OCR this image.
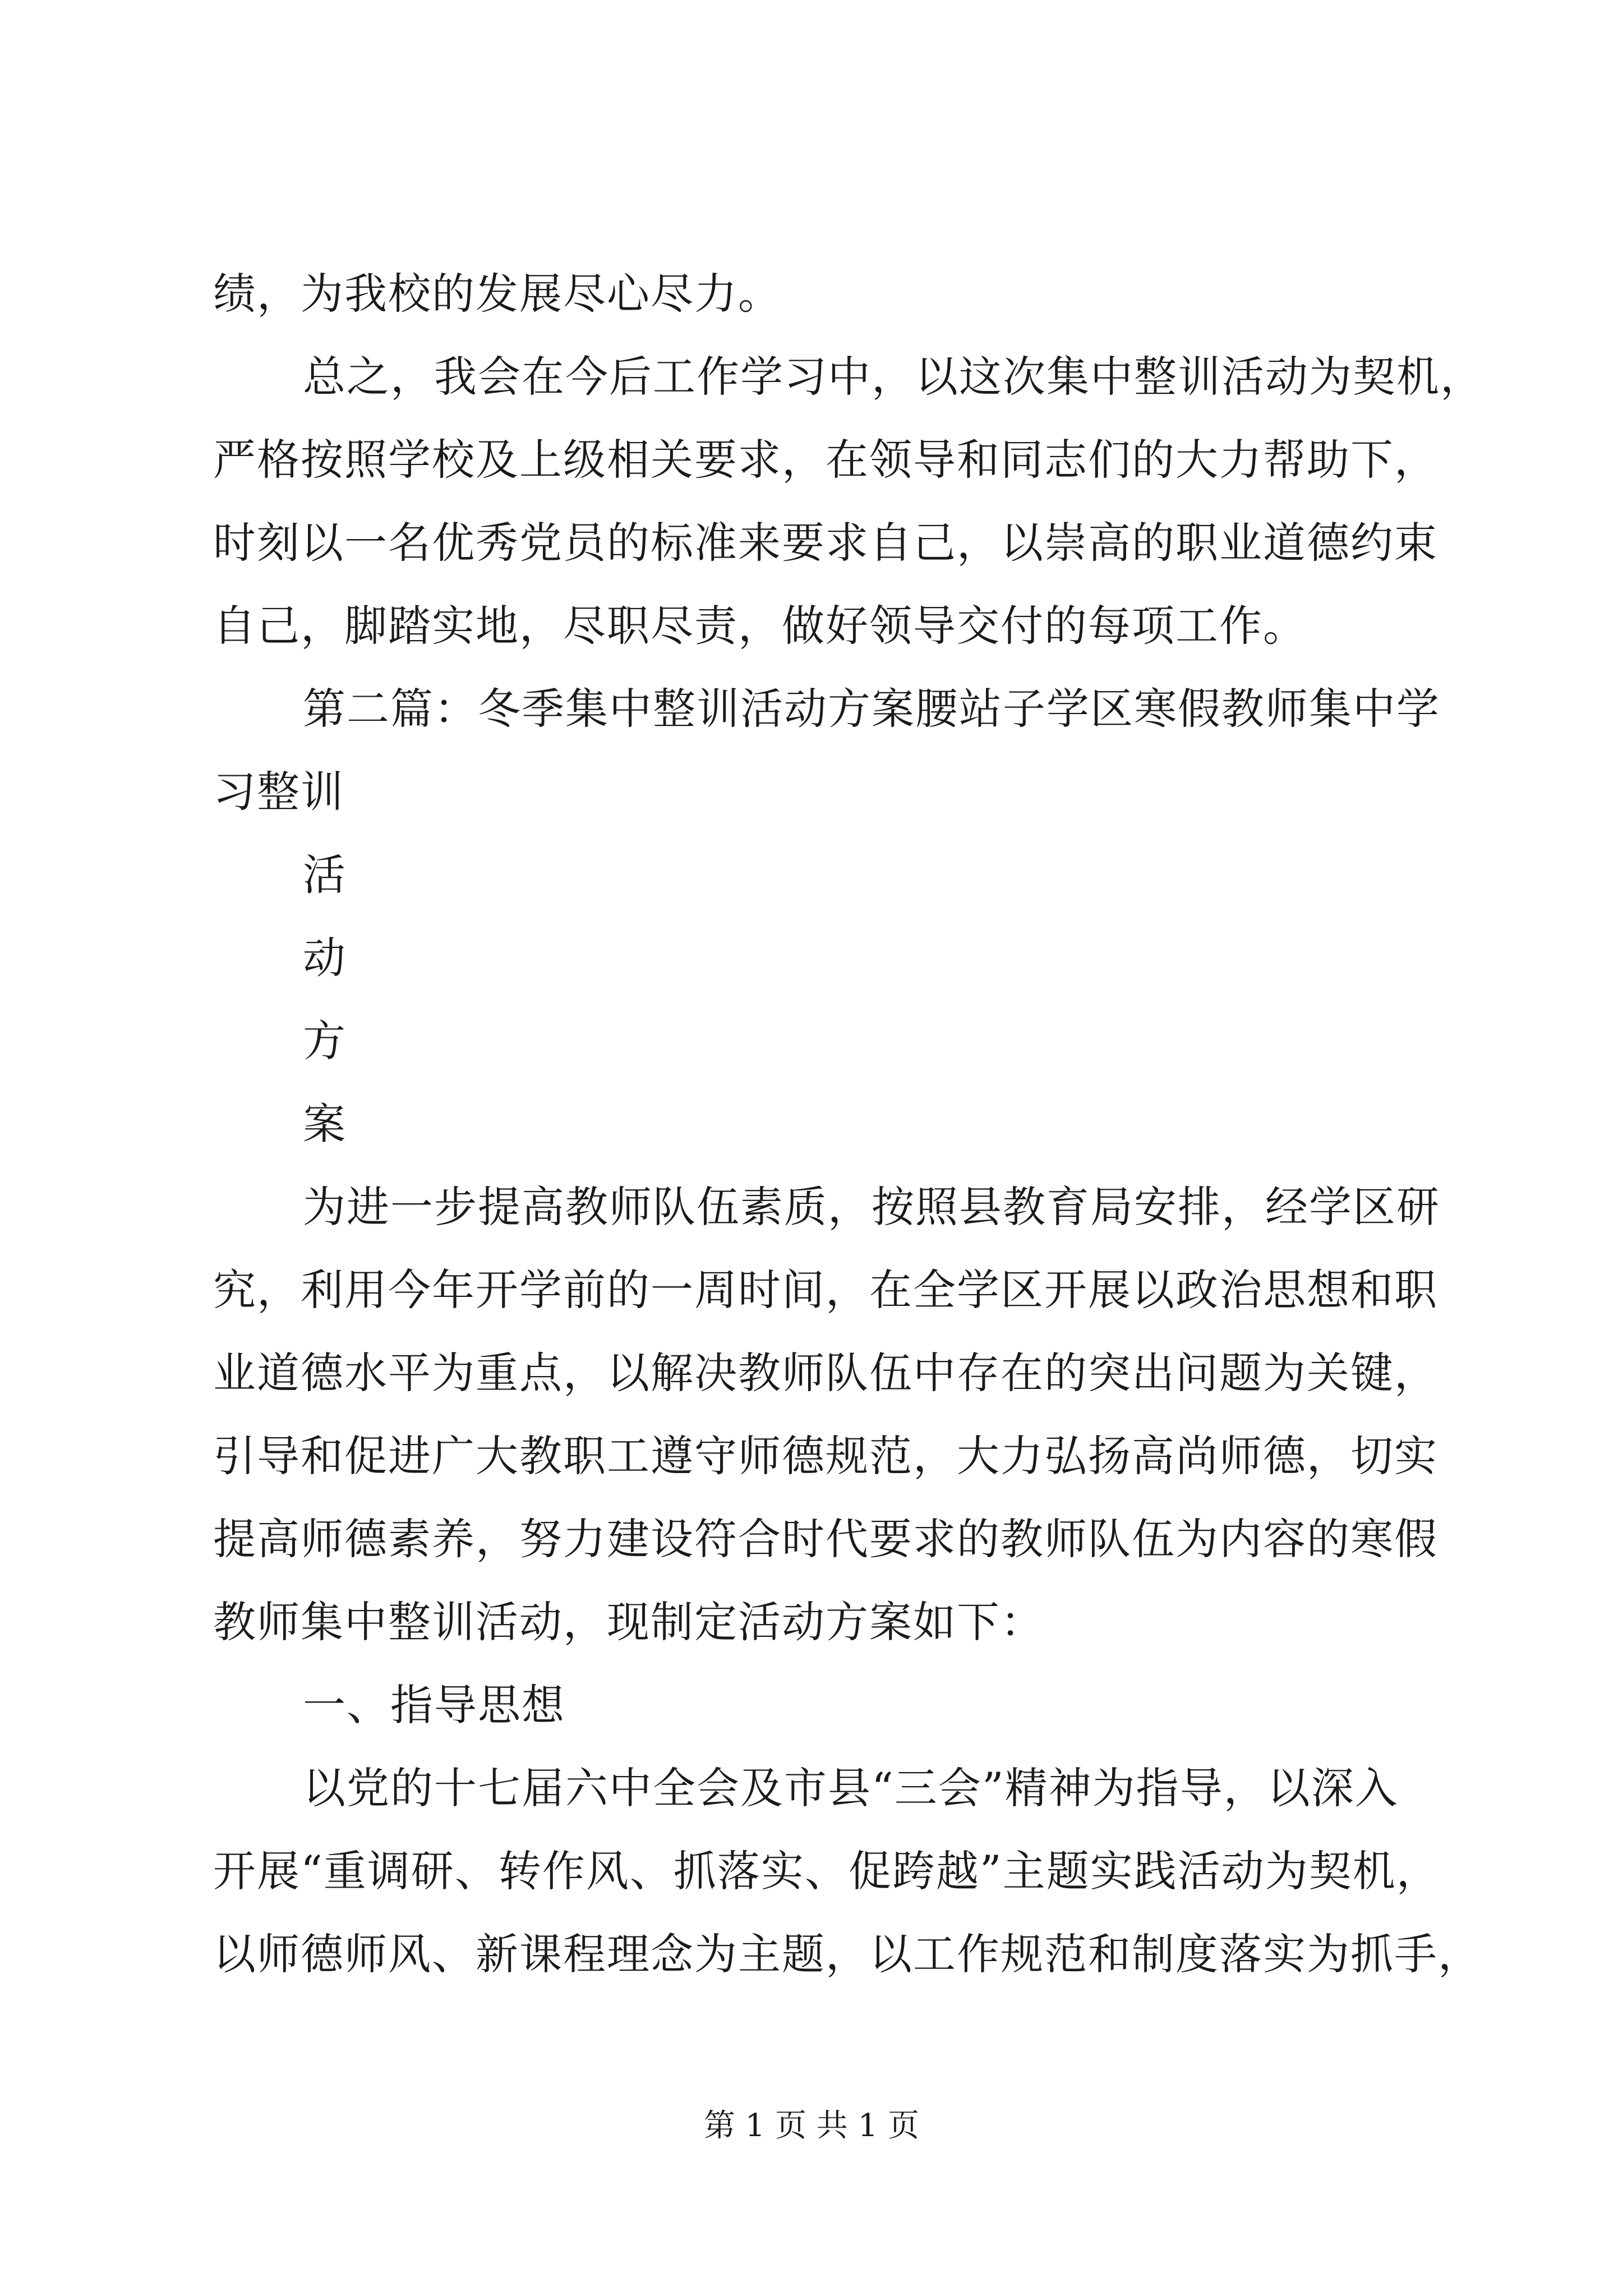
绩，为我校的发展尽心尽力。
总之，我会在今后工作学习中，以这次集中整训活动为契机，
严格按照学校及上级相关要求，在领导和同志们的大力帮助下，
时刻以一名优秀党员的标准来要求自己，以崇高的职业道德约束
自己，脚踏实地，尽职尽责，做好领导交付的每项工作。
第二篇：冬季集中整训活动方案腰站子学区寒假教师集中学
习整训
活
动
方
案
为进一步提高教师队伍素质，按照县教育局安排，经学区研
究，利用今年开学前的一周时间，在全学区开展以政治思想和职
业道德水平为重点，以解决教师队伍中存在的突出问题为关键，
引导和促进广大教职工遵守师德规范，大力弘扬高尚师德，切实
提高师德素养，努力建设符合时代要求的教师队伍为内容的寒假
教师集中整训活动，现制定活动方案如下：
一、指导思想
以党的十七届六中全会及市县“三会”精神为指导，以深入
开展“重调研、转作风、抓落实、促跨越”主题实践活动为契机，
以师德师风、新课程理念为主题，以工作规范和制度落实为抓手，
第 1 页 共 1 页
